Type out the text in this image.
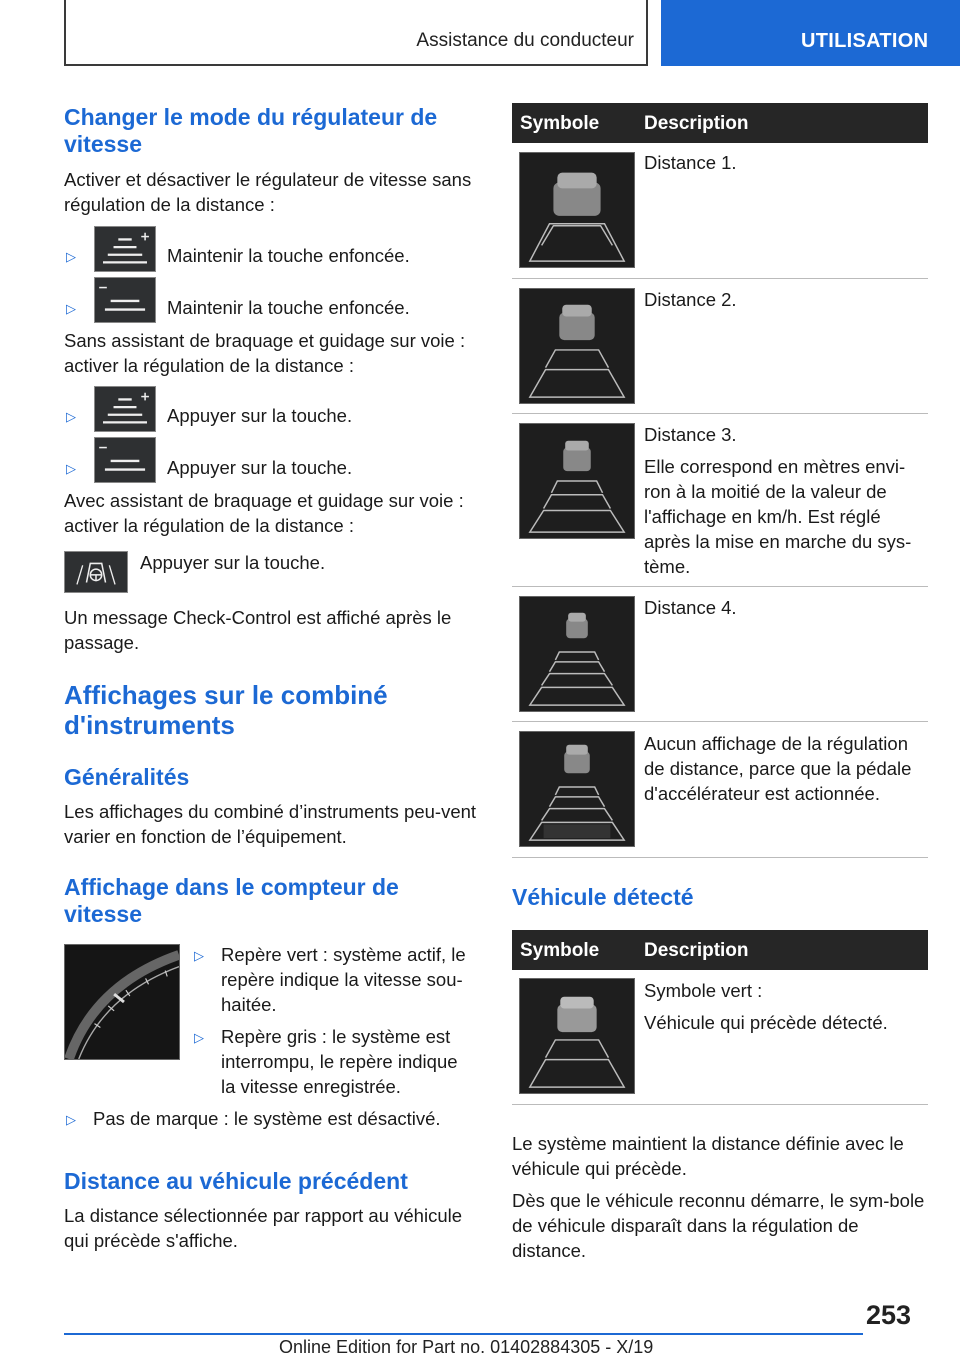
Assistance du conducteur	UTILISATION
Changer le mode du régulateur de vitesse
Activer et désactiver le régulateur de vitesse sans régulation de la distance :
▷	Maintenir la touche enfoncée.
▷	Maintenir la touche enfoncée.
Sans assistant de braquage et guidage sur voie : activer la régulation de la distance :
▷	Appuyer sur la touche.
▷	Appuyer sur la touche.
Avec assistant de braquage et guidage sur voie : activer la régulation de la distance :
Appuyer sur la touche.
Un message Check-Control est affiché après le passage.
Affichages sur le combiné d'instruments
Généralités
Les affichages du combiné d’instruments peu-vent varier en fonction de l’équipement.
Affichage dans le compteur de vitesse
▷ Repère vert : système actif, le repère indique la vitesse sou-haitée.
▷ Repère gris : le système est interrompu, le repère indique la vitesse enregistrée.
▷ Pas de marque : le système est désactivé.
Distance au véhicule précédent
La distance sélectionnée par rapport au véhicule qui précède s'affiche.
Symbole Description
Distance 1.
Distance 2.
Distance 3.
Elle correspond en mètres envi-ron à la moitié de la valeur de l'affichage en km/h. Est réglé après la mise en marche du sys-tème.
Distance 4.
Aucun affichage de la régulation de distance, parce que la pédale d'accélérateur est actionnée.
Véhicule détecté
Symbole Description
Symbole vert :
Véhicule qui précède détecté.
Le système maintient la distance définie avec le véhicule qui précède.
Dès que le véhicule reconnu démarre, le sym-bole de véhicule disparaît dans la régulation de distance.
253
Online Edition for Part no. 01402884305 - X/19
